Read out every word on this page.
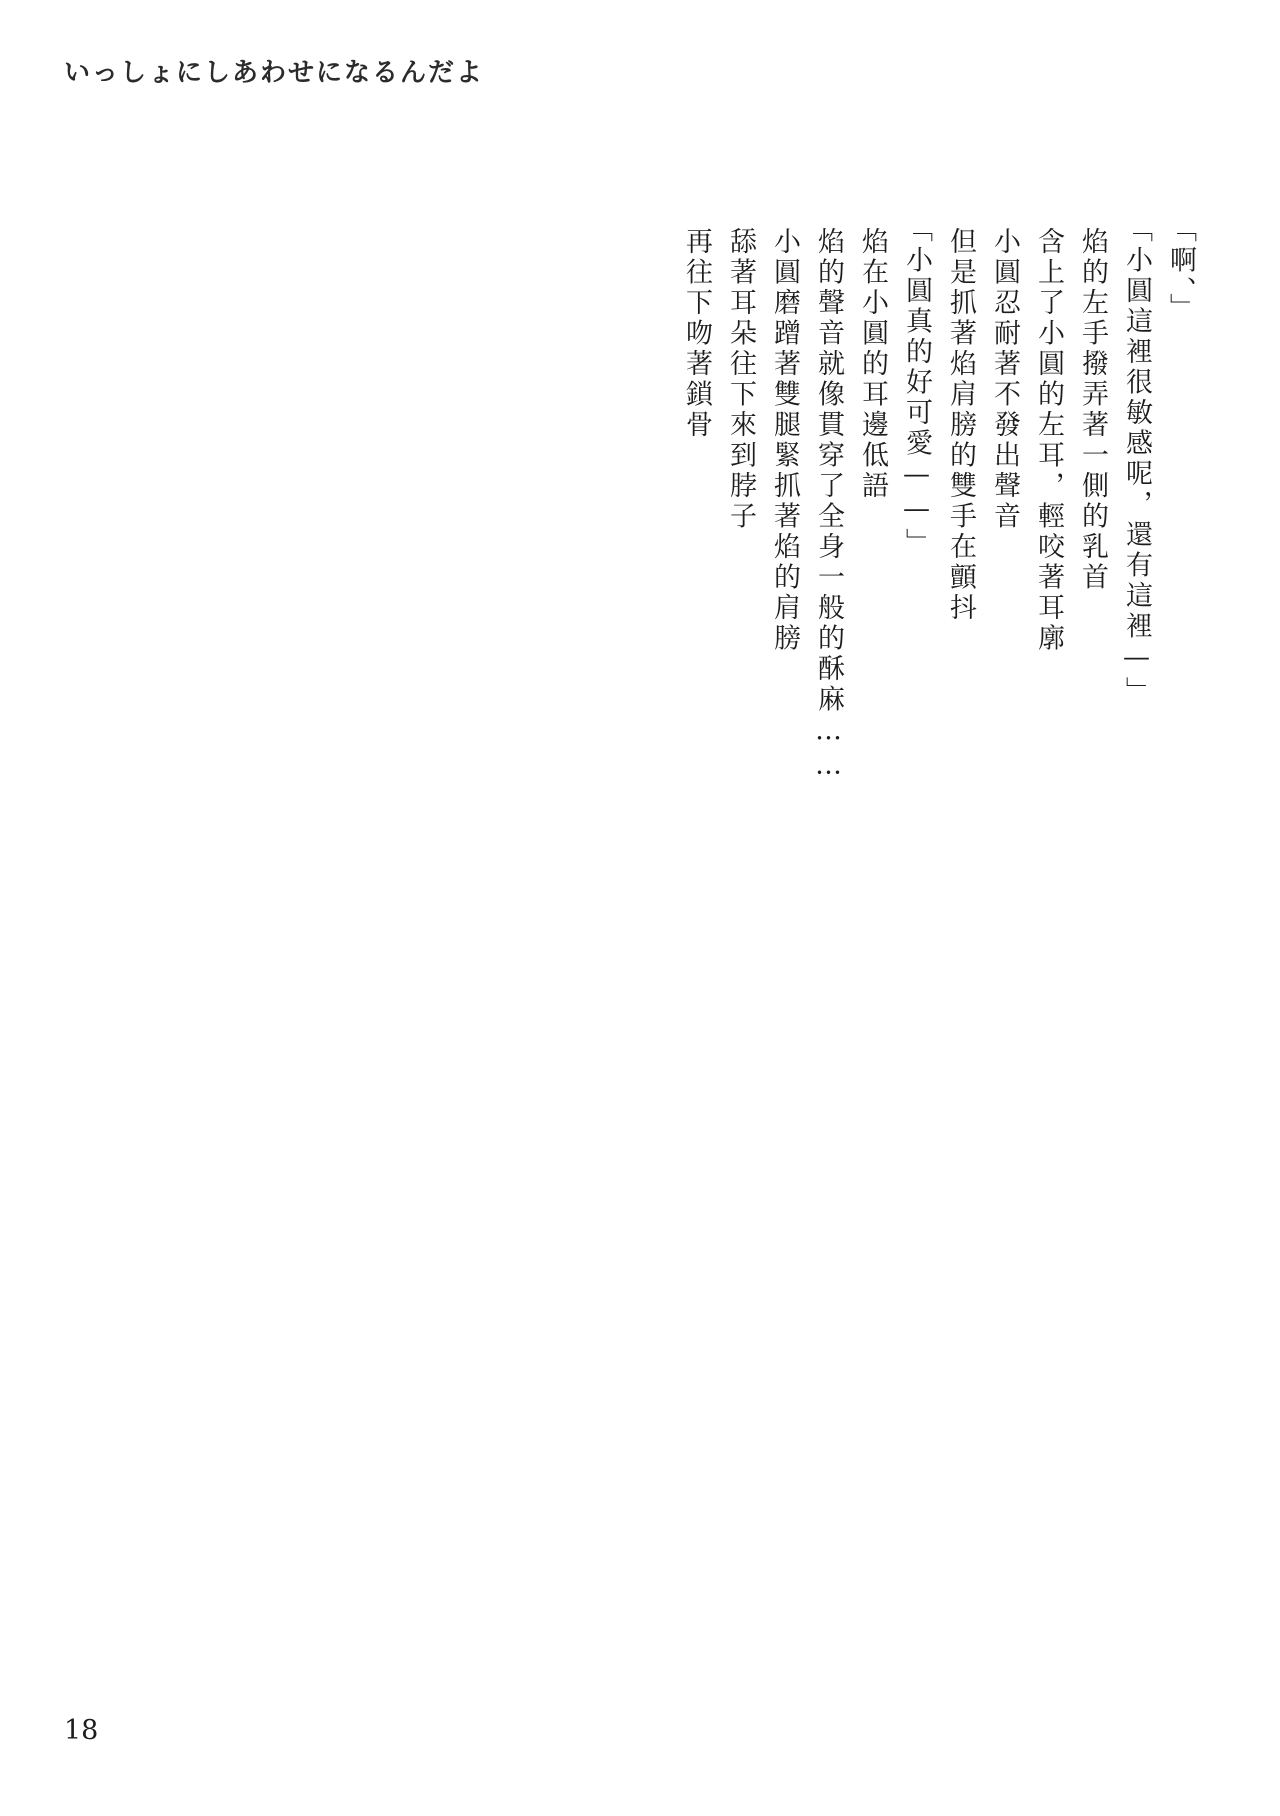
いっしょにしあわせになるんだよ
「啊、」
「小圓這裡很敏感呢，還有這裡—」
焰的左手撥弄著一側的乳首
含上了小圓的左耳，輕咬著耳廓
小圓忍耐著不發出聲音
但是抓著焰肩膀的雙手在顫抖
「小圓真的好可愛——」
焰在小圓的耳邊低語
焰的聲音就像貫穿了全身一般的酥麻……
小圓磨蹭著雙腿緊抓著焰的肩膀
舔著耳朵往下來到脖子
再往下吻著鎖骨
18
